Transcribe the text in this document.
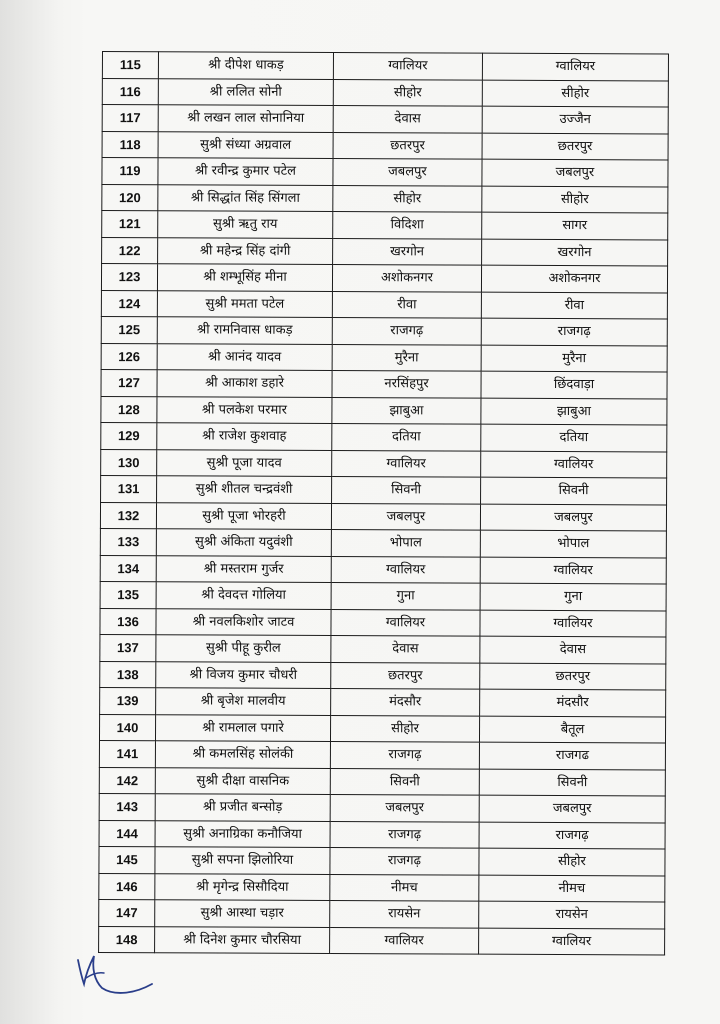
115	श्री दीपेश धाकड़	ग्वालियर	ग्वालियर
116	श्री ललित सोनी	सीहोर	सीहोर
117	श्री लखन लाल सोनानिया	देवास	उज्जैन
118	सुश्री संध्या अग्रवाल	छतरपुर	छतरपुर
119	श्री रवीन्द्र कुमार पटेल	जबलपुर	जबलपुर
120	श्री सिद्धांत सिंह सिंगला	सीहोर	सीहोर
121	सुश्री ऋतु राय	विदिशा	सागर
122	श्री महेन्द्र सिंह दांगी	खरगोन	खरगोन
123	श्री शम्भूसिंह मीना	अशोकनगर	अशोकनगर
124	सुश्री ममता पटेल	रीवा	रीवा
125	श्री रामनिवास धाकड़	राजगढ़	राजगढ़
126	श्री आनंद यादव	मुरैना	मुरैना
127	श्री आकाश डहारे	नरसिंहपुर	छिंदवाड़ा
128	श्री पलकेश परमार	झाबुआ	झाबुआ
129	श्री राजेश कुशवाह	दतिया	दतिया
130	सुश्री पूजा यादव	ग्वालियर	ग्वालियर
131	सुश्री शीतल चन्द्रवंशी	सिवनी	सिवनी
132	सुश्री पूजा भोरहरी	जबलपुर	जबलपुर
133	सुश्री अंकिता यदुवंशी	भोपाल	भोपाल
134	श्री मस्तराम गुर्जर	ग्वालियर	ग्वालियर
135	श्री देवदत्त गोलिया	गुना	गुना
136	श्री नवलकिशोर जाटव	ग्वालियर	ग्वालियर
137	सुश्री पीहू कुरील	देवास	देवास
138	श्री विजय कुमार चौधरी	छतरपुर	छतरपुर
139	श्री बृजेश मालवीय	मंदसौर	मंदसौर
140	श्री रामलाल पगारे	सीहोर	बैतूल
141	श्री कमलसिंह सोलंकी	राजगढ़	राजगढ
142	सुश्री दीक्षा वासनिक	सिवनी	सिवनी
143	श्री प्रजीत बन्सोड़	जबलपुर	जबलपुर
144	सुश्री अनाग्रिका कनौजिया	राजगढ़	राजगढ़
145	सुश्री सपना झिलोरिया	राजगढ़	सीहोर
146	श्री मृगेन्द्र सिसौदिया	नीमच	नीमच
147	सुश्री आस्था चड़ार	रायसेन	रायसेन
148	श्री दिनेश कुमार चौरसिया	ग्वालियर	ग्वालियर
